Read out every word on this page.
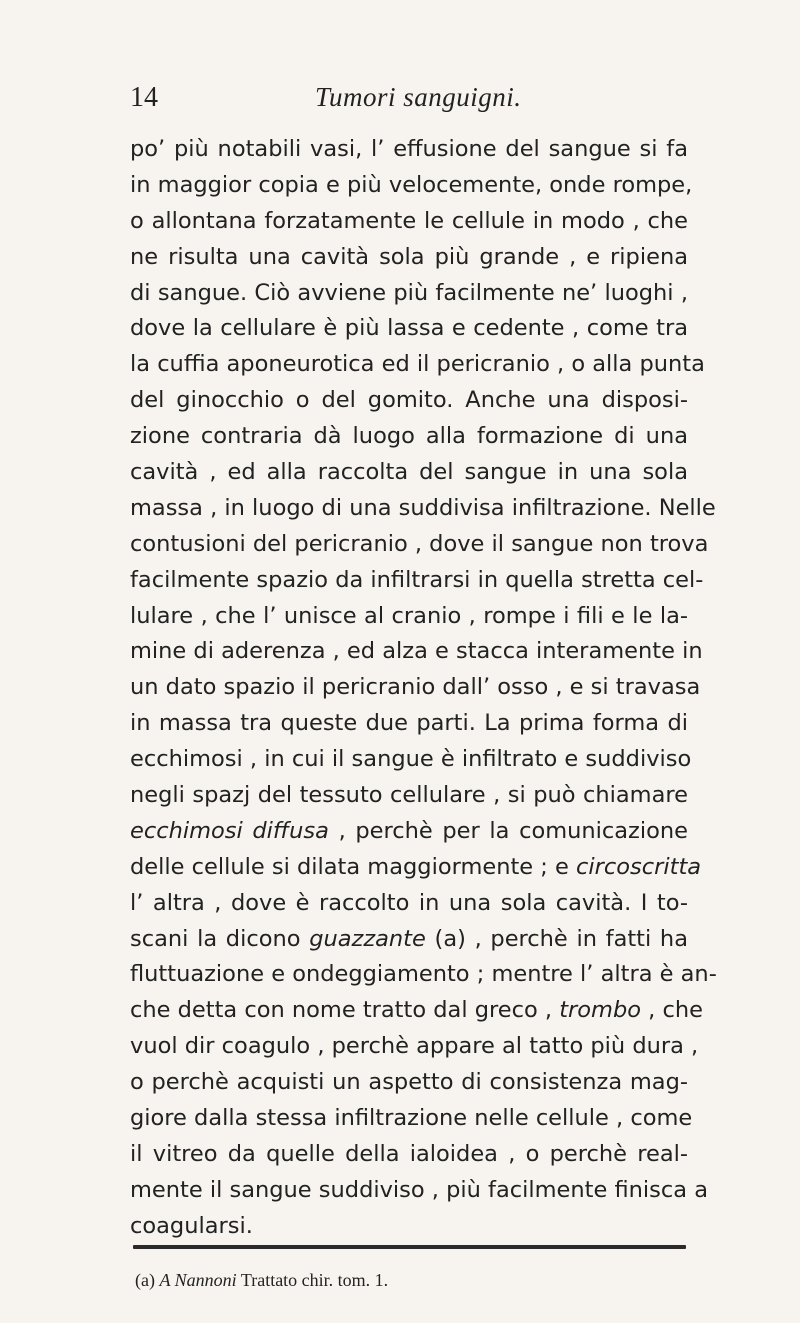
14	Tumori sanguigni.
po’ più notabili vasi, l’ effusione del sangue si fa
in maggior copia e più velocemente, onde rompe,
o allontana forzatamente le cellule in modo , che
ne risulta una cavità sola più grande , e ripiena
di sangue. Ciò avviene più facilmente ne’ luoghi ,
dove la cellulare è più lassa e cedente , come tra
la cuffia aponeurotica ed il pericranio , o alla punta
del ginocchio o del gomito. Anche una disposi-
zione contraria dà luogo alla formazione di una
cavità , ed alla raccolta del sangue in una sola
massa , in luogo di una suddivisa infiltrazione. Nelle
contusioni del pericranio , dove il sangue non trova
facilmente spazio da infiltrarsi in quella stretta cel-
lulare , che l’ unisce al cranio , rompe i fili e le la-
mine di aderenza , ed alza e stacca interamente in
un dato spazio il pericranio dall’ osso , e si travasa
in massa tra queste due parti. La prima forma di
ecchimosi , in cui il sangue è infiltrato e suddiviso
negli spazj del tessuto cellulare , si può chiamare
ecchimosi diffusa , perchè per la comunicazione
delle cellule si dilata maggiormente ; e circoscritta
l’ altra , dove è raccolto in una sola cavità. I to-
scani la dicono guazzante (a) , perchè in fatti ha
fluttuazione e ondeggiamento ; mentre l’ altra è an-
che detta con nome tratto dal greco , trombo , che
vuol dir coagulo , perchè appare al tatto più dura ,
o perchè acquisti un aspetto di consistenza mag-
giore dalla stessa infiltrazione nelle cellule , come
il vitreo da quelle della ialoidea , o perchè real-
mente il sangue suddiviso , più facilmente finisca a
coagularsi.
(a) A Nannoni Trattato chir. tom. 1.
